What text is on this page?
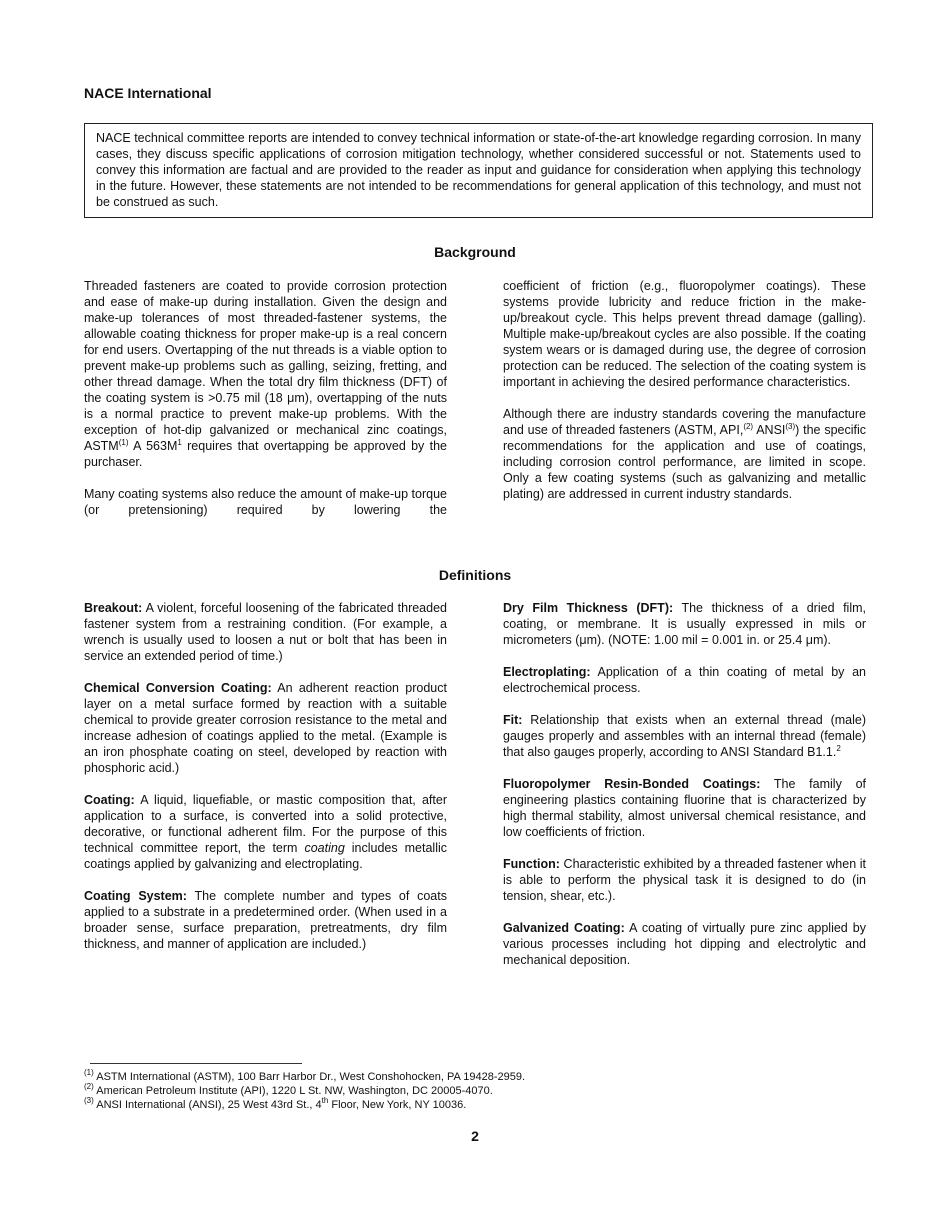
NACE International
NACE technical committee reports are intended to convey technical information or state-of-the-art knowledge regarding corrosion. In many cases, they discuss specific applications of corrosion mitigation technology, whether considered successful or not. Statements used to convey this information are factual and are provided to the reader as input and guidance for consideration when applying this technology in the future. However, these statements are not intended to be recommendations for general application of this technology, and must not be construed as such.
Background

Threaded fasteners are coated to provide corrosion protection and ease of make-up during installation. Given the design and make-up tolerances of most threaded-fastener systems, the allowable coating thickness for proper make-up is a real concern for end users. Overtapping of the nut threads is a viable option to prevent make-up problems such as galling, seizing, fretting, and other thread damage. When the total dry film thickness (DFT) of the coating system is >0.75 mil (18 μm), overtapping of the nuts is a normal practice to prevent make-up problems. With the exception of hot-dip galvanized or mechanical zinc coatings, ASTM$^{(1)}$ A $563M^1$ requires that overtapping be approved by the purchaser.

Many coating systems also reduce the amount of make-up torque (or pretensioning) required by lowering the

coefficient of friction (e.g., fluoropolymer coatings). These systems provide lubricity and reduce friction in the make-up/breakout cycle. This helps prevent thread damage (galling). Multiple make-up/breakout cycles are also possible. If the coating system wears or is damaged during use, the degree of corrosion protection can be reduced. The selection of the coating system is important in achieving the desired performance characteristics.

Although there are industry standards covering the manufacture and use of threaded fasteners (ASTM, API,$^{(2)}$ ANSI$^{(3)}$) the specific recommendations for the application and use of coatings, including corrosion control performance, are limited in scope. Only a few coating systems (such as galvanizing and metallic plating) are addressed in current industry standards.

Definitions

Breakout: A violent, forceful loosening of the fabricated threaded fastener system from a restraining condition. (For example, a wrench is usually used to loosen a nut or bolt that has been in service an extended period of time.)

Chemical Conversion Coating: An adherent reaction product layer on a metal surface formed by reaction with a suitable chemical to provide greater corrosion resistance to the metal and increase adhesion of coatings applied to the metal. (Example is an iron phosphate coating on steel, developed by reaction with phosphoric acid.)

Coating: A liquid, liquefiable, or mastic composition that, after application to a surface, is converted into a solid protective, decorative, or functional adherent film. For the purpose of this technical committee report, the term coating includes metallic coatings applied by galvanizing and electroplating.

Coating System: The complete number and types of coats applied to a substrate in a predetermined order. (When used in a broader sense, surface preparation, pretreatments, dry film thickness, and manner of application are included.)

Dry Film Thickness (DFT): The thickness of a dried film, coating, or membrane. It is usually expressed in mils or micrometers (μm). (NOTE: 1.00 mil = 0.001 in. or 25.4 μm).

Electroplating: Application of a thin coating of metal by an electrochemical process.

Fit: Relationship that exists when an external thread (male) gauges properly and assembles with an internal thread (female) that also gauges properly, according to ANSI Standard B1.1.$^2$

Fluoropolymer Resin-Bonded Coatings: The family of engineering plastics containing fluorine that is characterized by high thermal stability, almost universal chemical resistance, and low coefficients of friction.

Function: Characteristic exhibited by a threaded fastener when it is able to perform the physical task it is designed to do (in tension, shear, etc.).

Galvanized Coating: A coating of virtually pure zinc applied by various processes including hot dipping and electrolytic and mechanical deposition.

$^{(1)}$ ASTM International (ASTM), 100 Barr Harbor Dr., West Conshohocken, PA 19428-2959.
$^{(2)}$ American Petroleum Institute (API), 1220 L St. NW, Washington, DC 20005-4070.
$^{(3)}$ ANSI International (ANSI), 25 West 43rd St., 4th Floor, New York, NY 10036.
2
